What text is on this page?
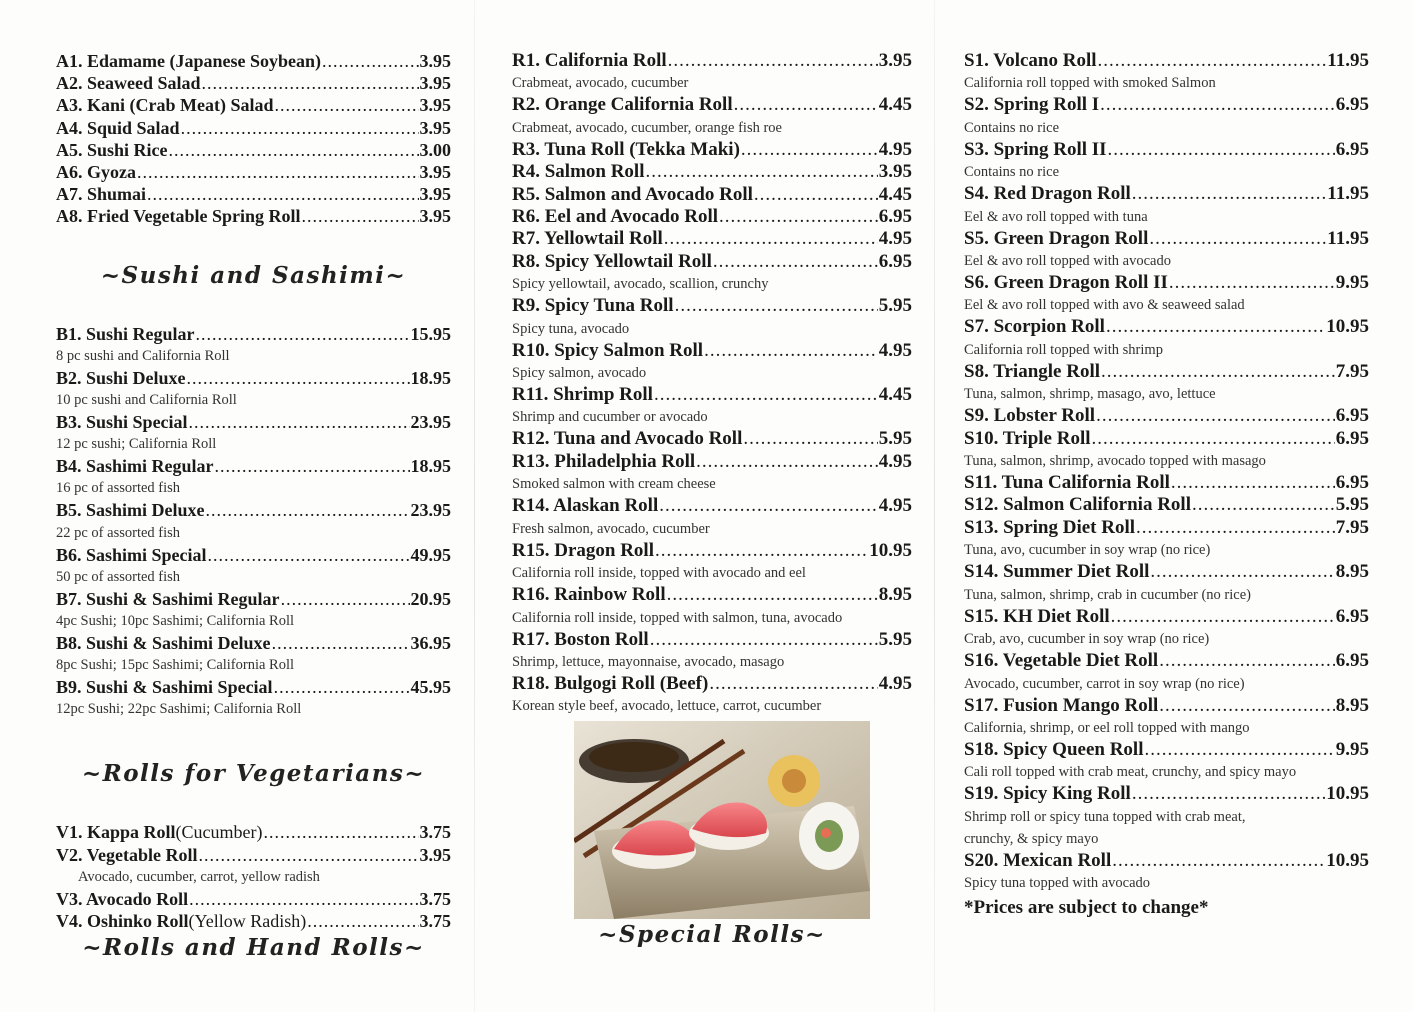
A1. Edamame (Japanese Soybean) .....	3.95
A2. Seaweed Salad .....	3.95
A3. Kani (Crab Meat) Salad .....	3.95
A4. Squid Salad .....	3.95
A5. Sushi Rice .....	3.00
A6. Gyoza .....	3.95
A7. Shumai .....	3.95
A8. Fried Vegetable Spring Roll .....	3.95
~Sushi and Sashimi~
B1. Sushi Regular .....	15.95
8 pc sushi and California Roll
B2. Sushi Deluxe .....	18.95
10 pc sushi and California Roll
B3. Sushi Special .....	23.95
12 pc sushi; California Roll
B4. Sashimi Regular .....	18.95
16 pc of assorted fish
B5. Sashimi Deluxe .....	23.95
22 pc of assorted fish
B6. Sashimi Special .....	49.95
50 pc of assorted fish
B7. Sushi & Sashimi Regular .....	20.95
4pc Sushi; 10pc Sashimi; California Roll
B8. Sushi & Sashimi Deluxe .....	36.95
8pc Sushi; 15pc Sashimi; California Roll
B9. Sushi & Sashimi Special .....	45.95
12pc Sushi; 22pc Sashimi; California Roll
~Rolls for Vegetarians~
V1. Kappa Roll (Cucumber) .....	3.75
V2. Vegetable Roll .....	3.95
Avocado, cucumber, carrot, yellow radish
V3. Avocado Roll .....	3.75
V4. Oshinko Roll (Yellow Radish) .....	3.75
~Rolls and Hand Rolls~
R1. California Roll .....	3.95
Crabmeat, avocado, cucumber
R2. Orange California Roll .....	4.45
Crabmeat, avocado, cucumber, orange fish roe
R3. Tuna Roll (Tekka Maki) .....	4.95
R4. Salmon Roll .....	3.95
R5. Salmon and Avocado Roll .....	4.45
R6. Eel and Avocado Roll .....	6.95
R7. Yellowtail Roll .....	4.95
R8. Spicy Yellowtail Roll .....	6.95
Spicy yellowtail, avocado, scallion, crunchy
R9. Spicy Tuna Roll .....	5.95
Spicy tuna, avocado
R10. Spicy Salmon Roll .....	4.95
Spicy salmon, avocado
R11. Shrimp Roll .....	4.45
Shrimp and cucumber or avocado
R12. Tuna and Avocado Roll .....	5.95
R13. Philadelphia Roll .....	4.95
Smoked salmon with cream cheese
R14. Alaskan Roll .....	4.95
Fresh salmon, avocado, cucumber
R15. Dragon Roll .....	10.95
California roll inside, topped with avocado and eel
R16. Rainbow Roll .....	8.95
California roll inside, topped with salmon, tuna, avocado
R17. Boston Roll .....	5.95
Shrimp, lettuce, mayonnaise, avocado, masago
R18. Bulgogi Roll (Beef) .....	4.95
Korean style beef, avocado, lettuce, carrot, cucumber
~Special Rolls~
S1. Volcano Roll .....	11.95
California roll topped with smoked Salmon
S2. Spring Roll I .....	6.95
Contains no rice
S3. Spring Roll II .....	6.95
Contains no rice
S4. Red Dragon Roll .....	11.95
Eel & avo roll topped with tuna
S5. Green Dragon Roll .....	11.95
Eel & avo roll topped with avocado
S6. Green Dragon Roll II .....	9.95
Eel & avo roll topped with avo & seaweed salad
S7. Scorpion Roll .....	10.95
California roll topped with shrimp
S8. Triangle Roll .....	7.95
Tuna, salmon, shrimp, masago, avo, lettuce
S9. Lobster Roll .....	6.95
S10. Triple Roll .....	6.95
Tuna, salmon, shrimp, avocado topped with masago
S11. Tuna California Roll .....	6.95
S12. Salmon California Roll .....	5.95
S13. Spring Diet Roll .....	7.95
Tuna, avo, cucumber in soy wrap (no rice)
S14. Summer Diet Roll .....	8.95
Tuna, salmon, shrimp, crab in cucumber (no rice)
S15. KH Diet Roll .....	6.95
Crab, avo, cucumber in soy wrap (no rice)
S16. Vegetable Diet Roll .....	6.95
Avocado, cucumber, carrot in soy wrap (no rice)
S17. Fusion Mango Roll .....	8.95
California, shrimp, or eel roll topped with mango
S18. Spicy Queen Roll .....	9.95
Cali roll topped with crab meat, crunchy, and spicy mayo
S19. Spicy King Roll .....	10.95
Shrimp roll or spicy tuna topped with crab meat,
crunchy, & spicy mayo
S20. Mexican Roll .....	10.95
Spicy tuna topped with avocado
*Prices are subject to change*
